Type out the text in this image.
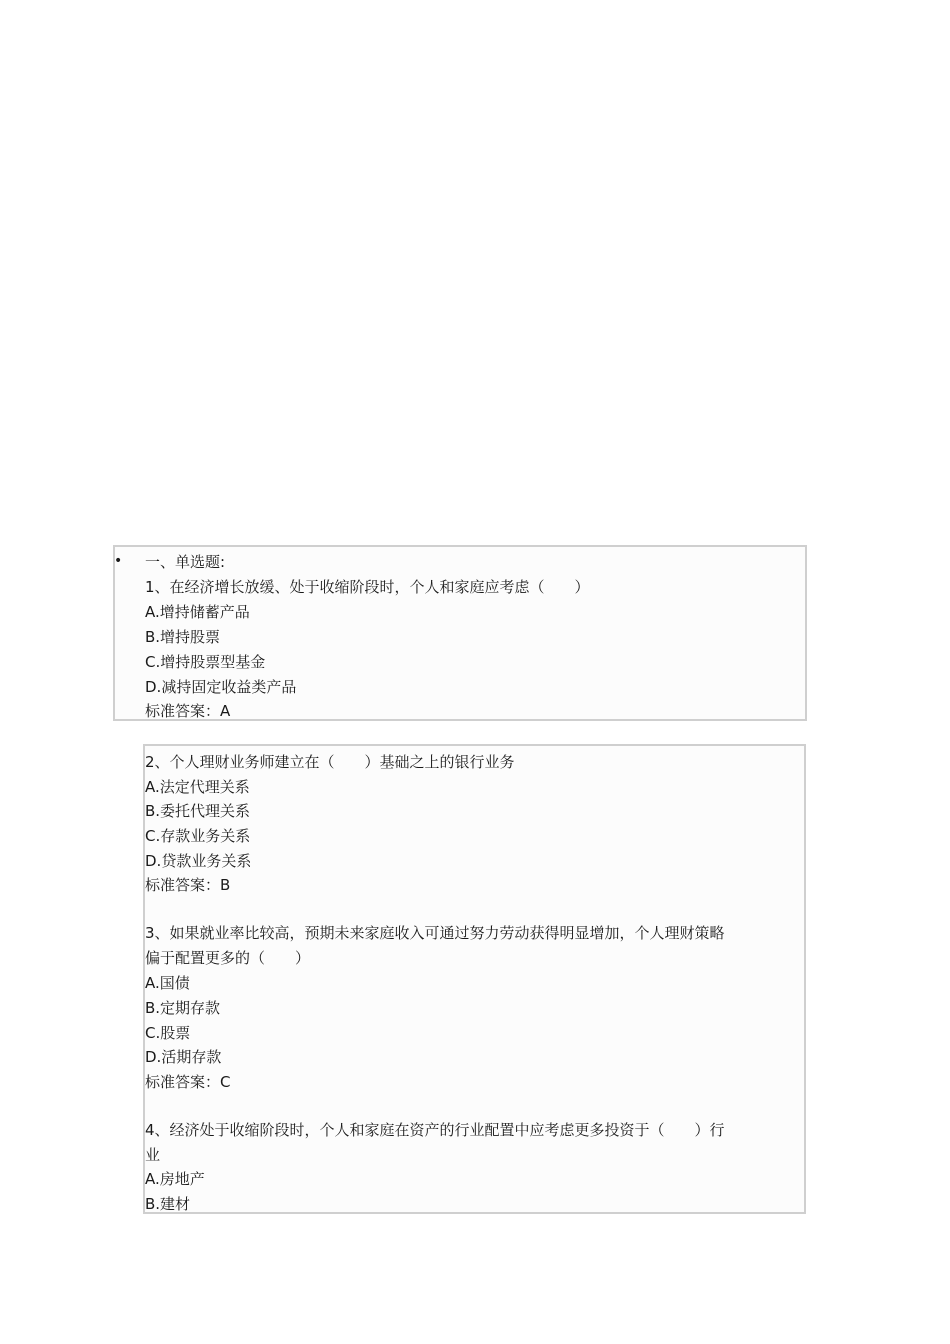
• 一、单选题:
1、在经济增长放缓、处于收缩阶段时，个人和家庭应考虑（　　）
A.增持储蓄产品
B.增持股票
C.增持股票型基金
D.减持固定收益类产品
标准答案：A
2、个人理财业务师建立在（　　）基础之上的银行业务
A.法定代理关系
B.委托代理关系
C.存款业务关系
D.贷款业务关系
标准答案：B
3、如果就业率比较高，预期未来家庭收入可通过努力劳动获得明显增加，个人理财策略
偏于配置更多的（　　）
A.国债
B.定期存款
C.股票
D.活期存款
标准答案：C
4、经济处于收缩阶段时，个人和家庭在资产的行业配置中应考虑更多投资于（　　）行
业
A.房地产
B.建材
